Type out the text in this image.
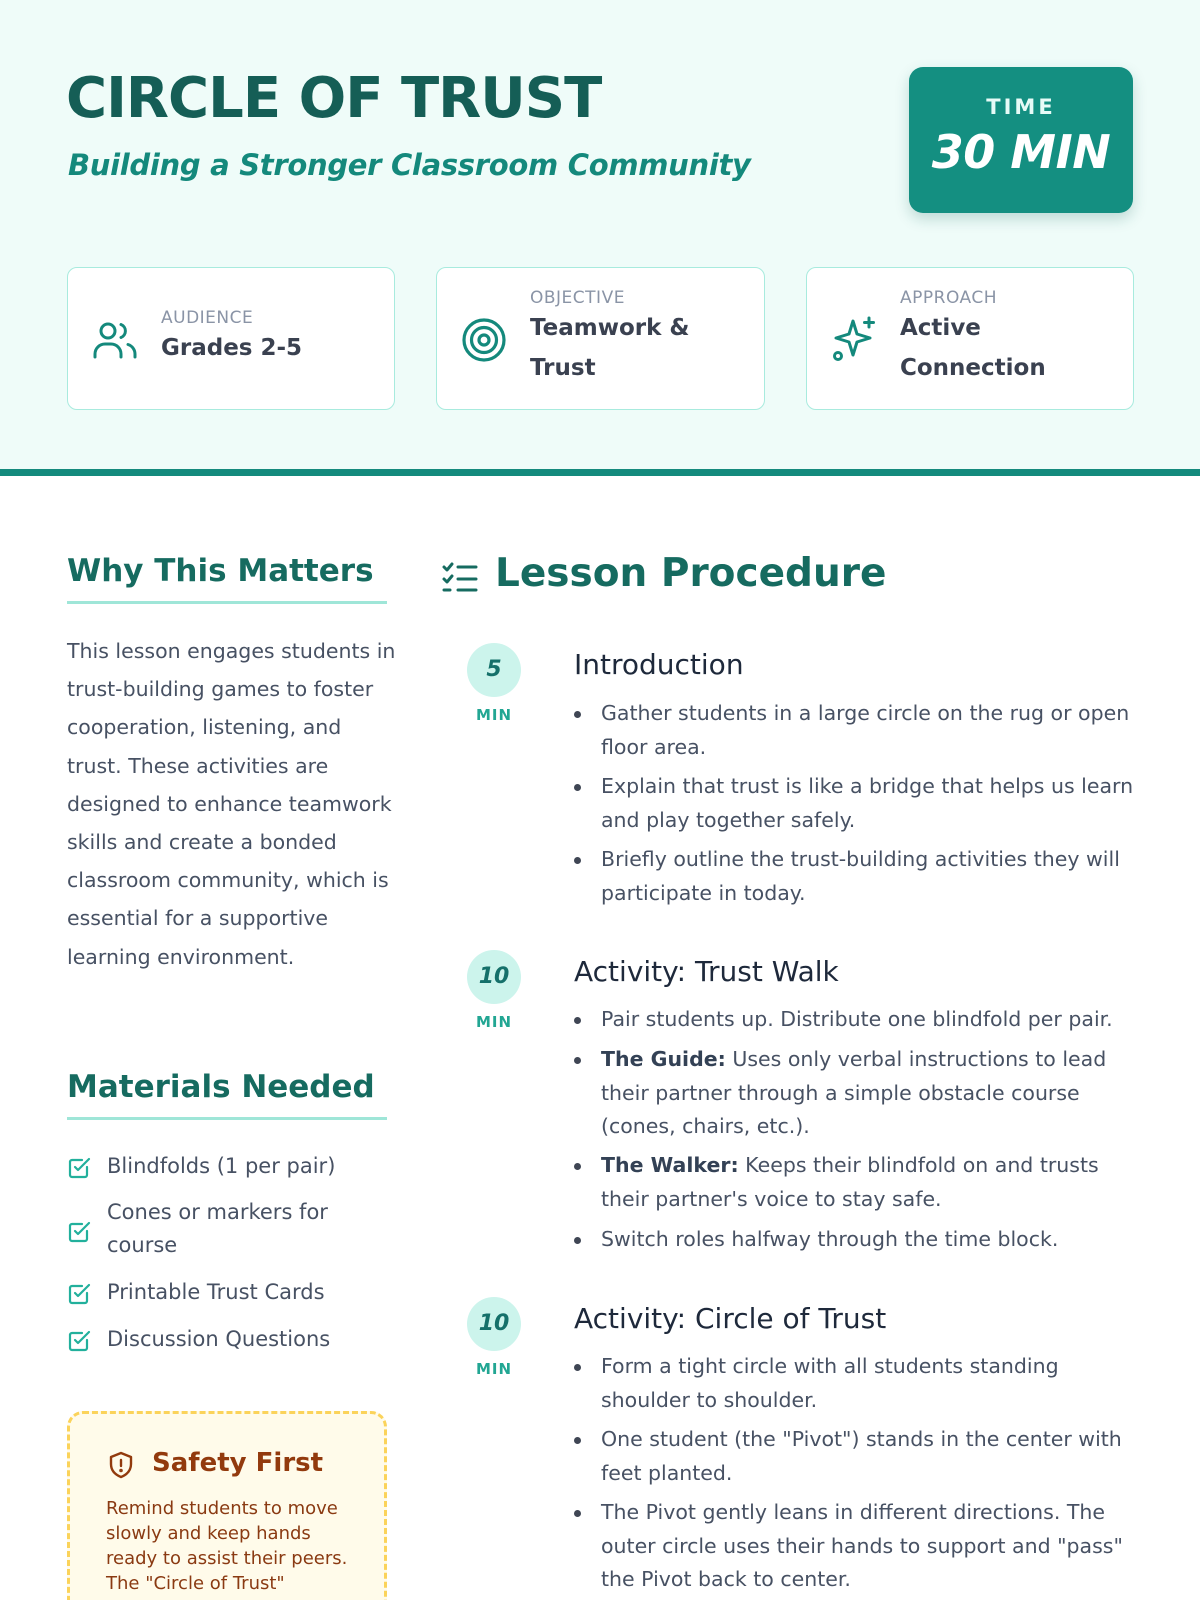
CIRCLE OF TRUST
Building a Stronger Classroom Community
TIME
30 MIN
AUDIENCE
Grades 2-5
OBJECTIVE
Teamwork &
Trust
APPROACH
Active
Connection
Why This Matters
This lesson engages students in trust-building games to foster cooperation, listening, and trust. These activities are designed to enhance teamwork skills and create a bonded classroom community, which is essential for a supportive learning environment.
Materials Needed
Blindfolds (1 per pair)
Cones or markers for course
Printable Trust Cards
Discussion Questions
Safety First
Remind students to move slowly and keep hands ready to assist their peers. The "Circle of Trust"
Lesson Procedure
5
MIN
Introduction
Gather students in a large circle on the rug or open floor area.
Explain that trust is like a bridge that helps us learn and play together safely.
Briefly outline the trust-building activities they will participate in today.
10
MIN
Activity: Trust Walk
Pair students up. Distribute one blindfold per pair.
The Guide: Uses only verbal instructions to lead their partner through a simple obstacle course (cones, chairs, etc.).
The Walker: Keeps their blindfold on and trusts their partner's voice to stay safe.
Switch roles halfway through the time block.
10
MIN
Activity: Circle of Trust
Form a tight circle with all students standing shoulder to shoulder.
One student (the "Pivot") stands in the center with feet planted.
The Pivot gently leans in different directions. The outer circle uses their hands to support and "pass" the Pivot back to center.
